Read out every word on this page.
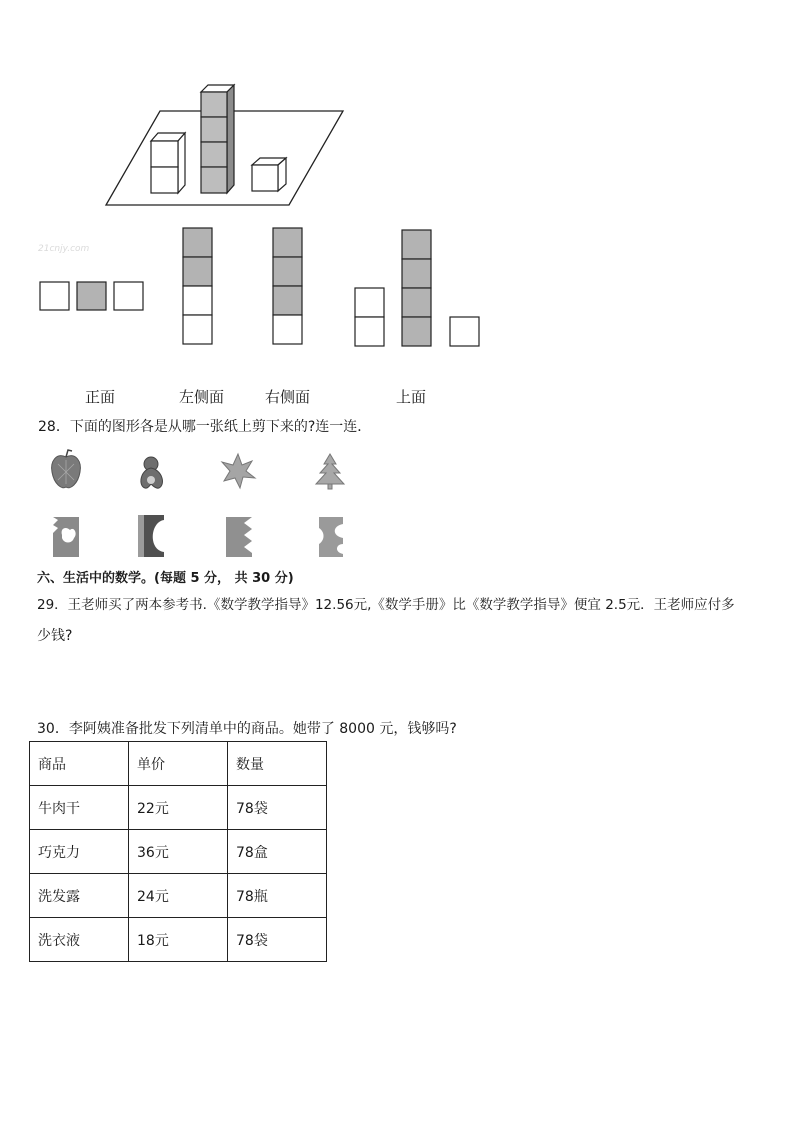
21cnjy.com
正面	左侧面	右侧面	上面
28．下面的图形各是从哪一张纸上剪下来的?连一连．
六、生活中的数学。(每题 5 分， 共 30 分)
29．王老师买了两本参考书.《数学教学指导》12.56元,《数学手册》比《数学教学指导》便宜 2.5元．王老师应付多
少钱?
30．李阿姨准备批发下列清单中的商品。她带了 8000 元，钱够吗?
商品	单价	数量
牛肉干	22元	78袋
巧克力	36元	78盒
洗发露	24元	78瓶
洗衣液	18元	78袋
